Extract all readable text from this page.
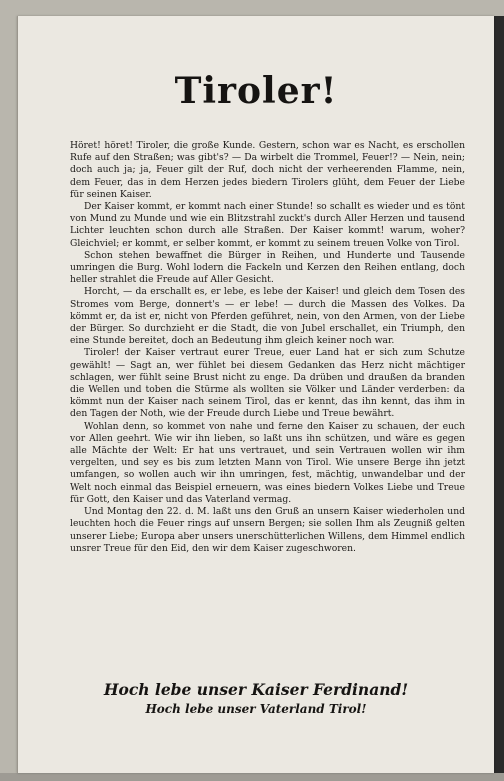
Tiroler!

Höret! höret! Tiroler, die große Kunde. Gestern, schon war es Nacht, es erschollen Rufe auf den Straßen; was gibt's? — Da wirbelt die Trommel, Feuer!? — Nein, nein; doch auch ja; ja, Feuer gilt der Ruf, doch nicht der verheerenden Flamme, nein, dem Feuer, das in dem Herzen jedes biedern Tirolers glüht, dem Feuer der Liebe für seinen Kaiser.

Der Kaiser kommt, er kommt nach einer Stunde! so schallt es wieder und es tönt von Mund zu Munde und wie ein Blitzstrahl zuckt's durch Aller Herzen und tausend Lichter leuchten schon durch alle Straßen. Der Kaiser kommt! warum, woher? Gleichviel; er kommt, er selber kommt, er kommt zu seinem treuen Volke von Tirol.

Schon stehen bewaffnet die Bürger in Reihen, und Hunderte und Tausende umringen die Burg. Wohl lodern die Fackeln und Kerzen den Reihen entlang, doch heller strahlet die Freude auf Aller Gesicht.

Horcht, — da erschallt es, er lebe, es lebe der Kaiser! und gleich dem Tosen des Stromes vom Berge, donnert's — er lebe! — durch die Massen des Volkes. Da kömmt er, da ist er, nicht von Pferden geführet, nein, von den Armen, von der Liebe der Bürger. So durchzieht er die Stadt, die von Jubel erschallet, ein Triumph, den eine Stunde bereitet, doch an Bedeutung ihm gleich keiner noch war.

Tiroler! der Kaiser vertraut eurer Treue, euer Land hat er sich zum Schutze gewählt! — Sagt an, wer fühlet bei diesem Gedanken das Herz nicht mächtiger schlagen, wer fühlt seine Brust nicht zu enge. Da drüben und draußen da branden die Wellen und toben die Stürme als wollten sie Völker und Länder verderben: da kömmt nun der Kaiser nach seinem Tirol, das er kennt, das ihn kennt, das ihm in den Tagen der Noth, wie der Freude durch Liebe und Treue bewährt.

Wohlan denn, so kommet von nahe und ferne den Kaiser zu schauen, der euch vor Allen geehrt. Wie wir ihn lieben, so laßt uns ihn schützen, und wäre es gegen alle Mächte der Welt: Er hat uns vertrauet, und sein Vertrauen wollen wir ihm vergelten, und sey es bis zum letzten Mann von Tirol. Wie unsere Berge ihn jetzt umfangen, so wollen auch wir ihn umringen, fest, mächtig, unwandelbar und der Welt noch einmal das Beispiel erneuern, was eines biedern Volkes Liebe und Treue für Gott, den Kaiser und das Vaterland vermag.

Und Montag den 22. d. M. laßt uns den Gruß an unsern Kaiser wiederholen und leuchten hoch die Feuer rings auf unsern Bergen; sie sollen Ihm als Zeugniß gelten unserer Liebe; Europa aber unsers unerschütterlichen Willens, dem Himmel endlich unsrer Treue für den Eid, den wir dem Kaiser zugeschworen.

Hoch lebe unser Kaiser Ferdinand!
Hoch lebe unser Vaterland Tirol!
